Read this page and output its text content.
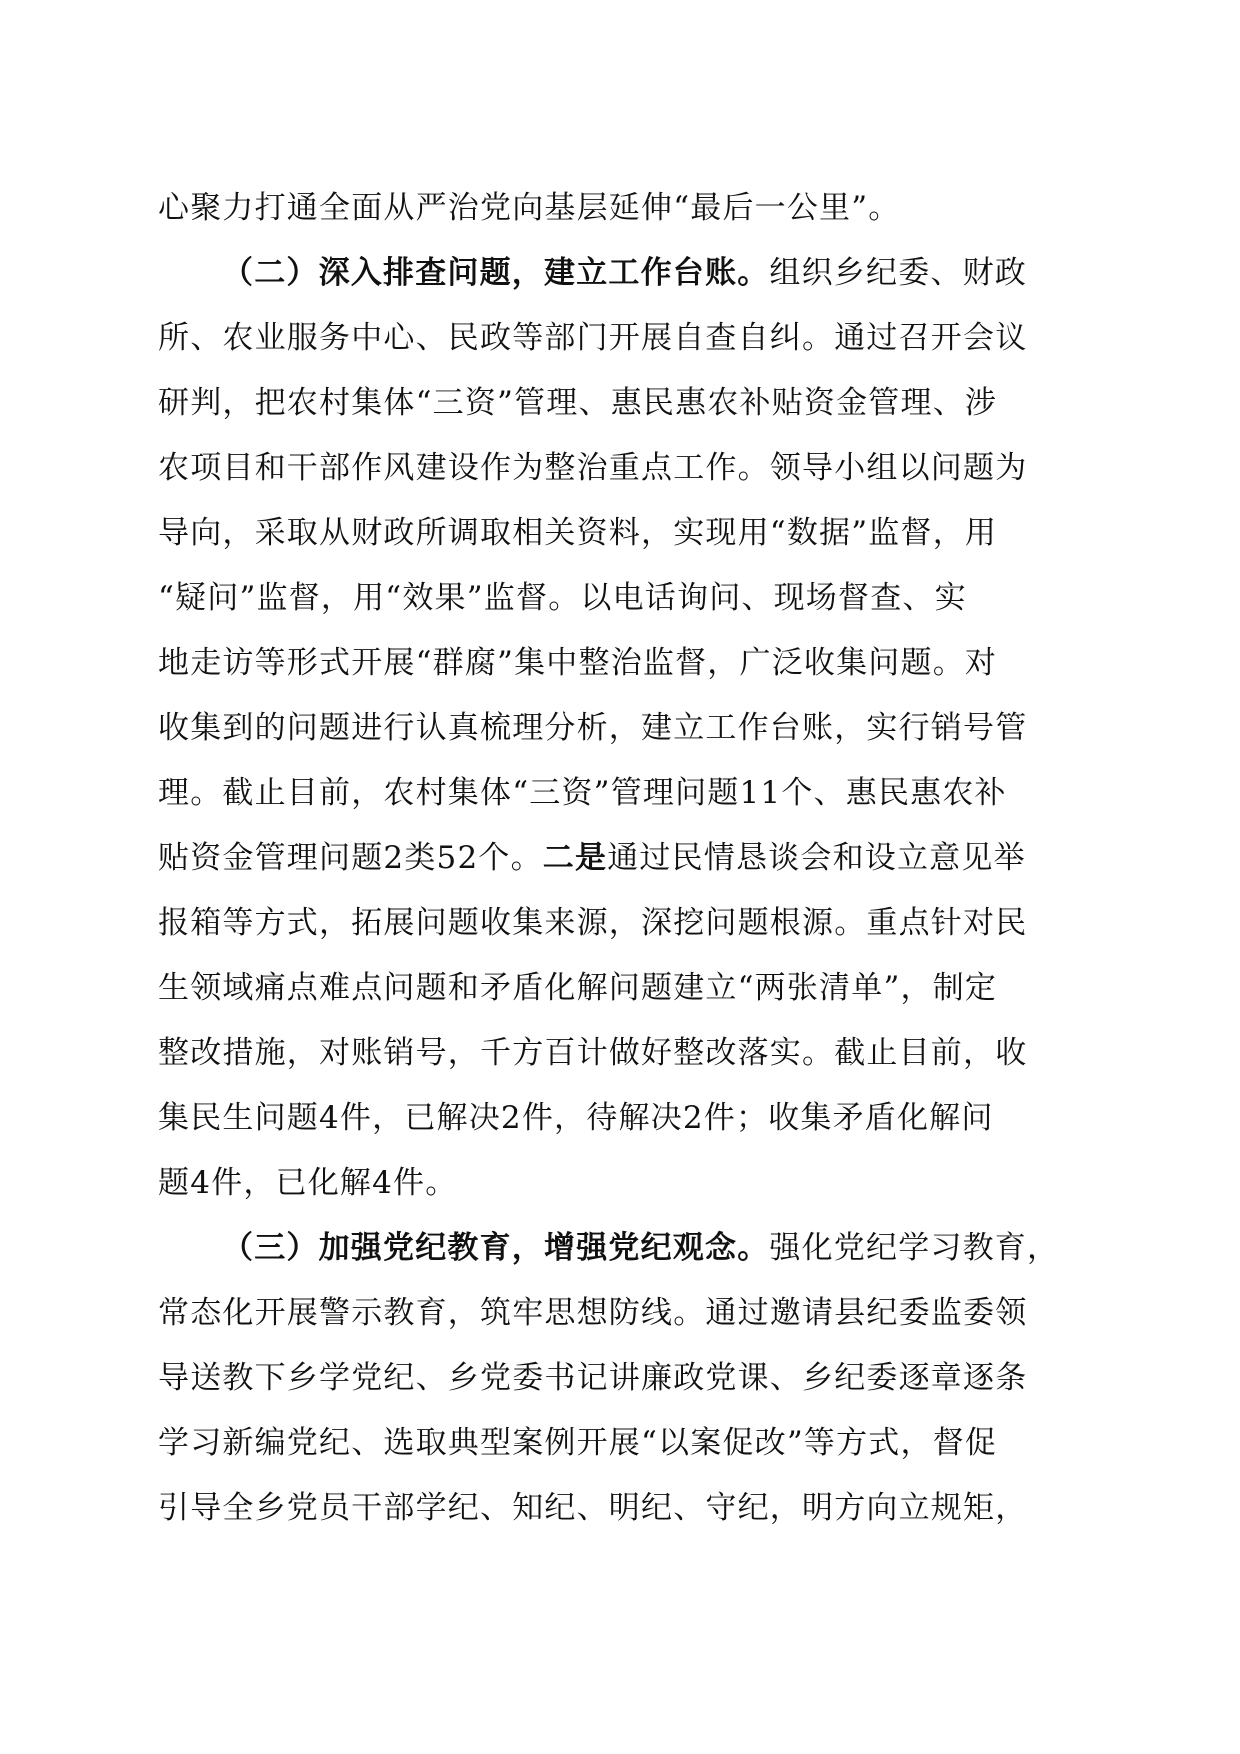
心聚力打通全面从严治党向基层延伸“最后一公里”。

（二）深入排查问题，建立工作台账。组织乡纪委、财政
所、农业服务中心、民政等部门开展自查自纠。通过召开会议
研判，把农村集体“三资”管理、惠民惠农补贴资金管理、涉
农项目和干部作风建设作为整治重点工作。领导小组以问题为
导向，采取从财政所调取相关资料，实现用“数据”监督，用
“疑问”监督，用“效果”监督。以电话询问、现场督查、实
地走访等形式开展“群腐”集中整治监督，广泛收集问题。对
收集到的问题进行认真梳理分析，建立工作台账，实行销号管
理。截止目前，农村集体“三资”管理问题11个、惠民惠农补
贴资金管理问题2类52个。二是通过民情恳谈会和设立意见举
报箱等方式，拓展问题收集来源，深挖问题根源。重点针对民
生领域痛点难点问题和矛盾化解问题建立“两张清单”，制定
整改措施，对账销号，千方百计做好整改落实。截止目前，收
集民生问题4件，已解决2件，待解决2件；收集矛盾化解问
题4件，已化解4件。

（三）加强党纪教育，增强党纪观念。强化党纪学习教育，
常态化开展警示教育，筑牢思想防线。通过邀请县纪委监委领
导送教下乡学党纪、乡党委书记讲廉政党课、乡纪委逐章逐条
学习新编党纪、选取典型案例开展“以案促改”等方式，督促
引导全乡党员干部学纪、知纪、明纪、守纪，明方向立规矩，
